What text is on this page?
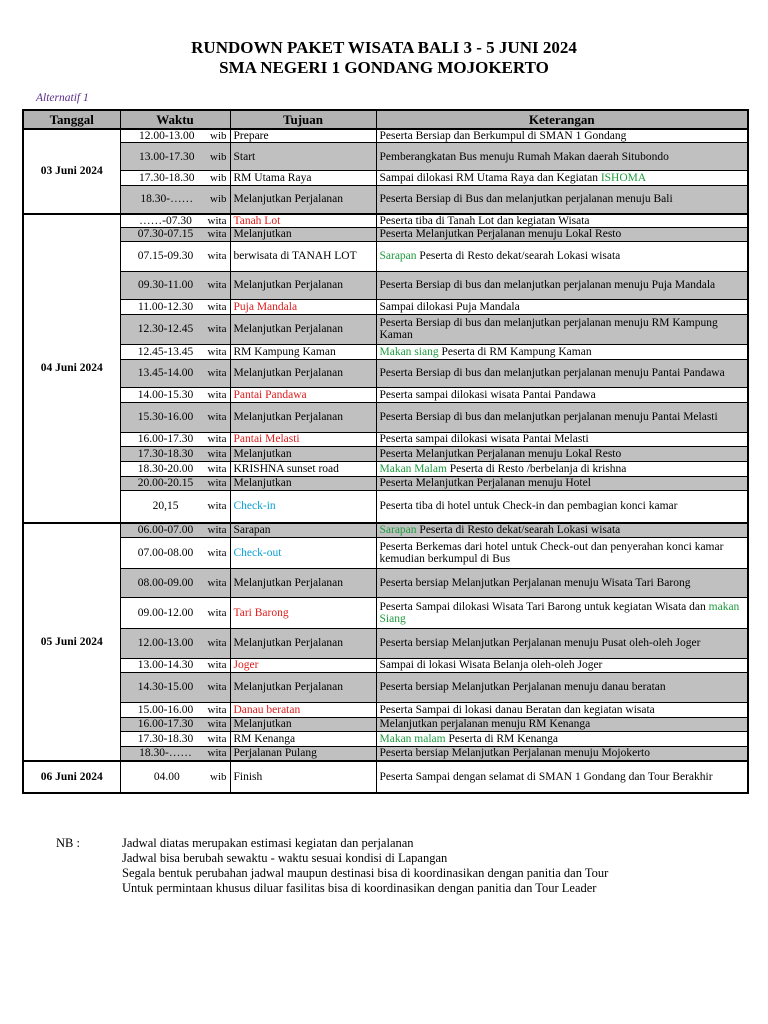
RUNDOWN PAKET WISATA BALI 3 - 5 JUNI 2024
SMA NEGERI 1 GONDANG MOJOKERTO
Alternatif 1
Tanggal	Waktu	Tujuan	Keterangan
03 Juni 2024	12.00-13.00 wib	Prepare	Peserta Bersiap dan Berkumpul di SMAN 1 Gondang

	13.00-17.30 wib	Start	Pemberangkatan Bus menuju Rumah Makan daerah Situbondo

	17.30-18.30 wib	RM Utama Raya	Sampai dilokasi RM Utama Raya dan Kegiatan ISHOMA

	18.30-…… wib	Melanjutkan Perjalanan	Peserta Bersiap di Bus dan melanjutkan perjalanan menuju Bali
04 Juni 2024	……-07.30 wita	Tanah Lot	Peserta tiba di Tanah Lot dan kegiatan Wisata

	07.30-07.15 wita	Melanjutkan	Peserta Melanjutkan Perjalanan menuju Lokal Resto

	07.15-09.30 wita	berwisata di TANAH LOT	Sarapan Peserta di Resto dekat/searah Lokasi wisata

	09.30-11.00 wita	Melanjutkan Perjalanan	Peserta Bersiap di bus dan melanjutkan perjalanan menuju Puja Mandala

	11.00-12.30 wita	Puja Mandala	Sampai dilokasi Puja Mandala

	12.30-12.45 wita	Melanjutkan Perjalanan	Peserta Bersiap di bus dan melanjutkan perjalanan menuju RM Kampung Kaman

	12.45-13.45 wita	RM Kampung Kaman	Makan siang Peserta di RM Kampung Kaman

	13.45-14.00 wita	Melanjutkan Perjalanan	Peserta Bersiap di bus dan melanjutkan perjalanan menuju Pantai Pandawa

	14.00-15.30 wita	Pantai Pandawa	Peserta sampai dilokasi wisata Pantai Pandawa

	15.30-16.00 wita	Melanjutkan Perjalanan	Peserta Bersiap di bus dan melanjutkan perjalanan menuju Pantai Melasti

	16.00-17.30 wita	Pantai Melasti	Peserta sampai dilokasi wisata Pantai Melasti

	17.30-18.30 wita	Melanjutkan	Peserta Melanjutkan Perjalanan menuju Lokal Resto

	18.30-20.00 wita	KRISHNA sunset road	Makan Malam Peserta di Resto /berbelanja di krishna

	20.00-20.15 wita	Melanjutkan	Peserta Melanjutkan Perjalanan menuju Hotel

	20,15 wita	Check-in	Peserta tiba di hotel untuk Check-in dan pembagian konci kamar
05 Juni 2024	06.00-07.00 wita	Sarapan	Sarapan Peserta di Resto dekat/searah Lokasi wisata

	07.00-08.00 wita	Check-out	Peserta Berkemas dari hotel untuk Check-out dan penyerahan konci kamar kemudian berkumpul di Bus

	08.00-09.00 wita	Melanjutkan Perjalanan	Peserta bersiap Melanjutkan Perjalanan menuju Wisata Tari Barong

	09.00-12.00 wita	Tari Barong	Peserta Sampai dilokasi Wisata Tari Barong untuk kegiatan Wisata dan makan Siang

	12.00-13.00 wita	Melanjutkan Perjalanan	Peserta bersiap Melanjutkan Perjalanan menuju Pusat oleh-oleh Joger

	13.00-14.30 wita	Joger	Sampai di lokasi Wisata Belanja oleh-oleh Joger

	14.30-15.00 wita	Melanjutkan Perjalanan	Peserta bersiap Melanjutkan Perjalanan menuju danau beratan

	15.00-16.00 wita	Danau beratan	Peserta Sampai di lokasi danau Beratan dan kegiatan wisata

	16.00-17.30 wita	Melanjutkan	Melanjutkan perjalanan menuju RM Kenanga

	17.30-18.30 wita	RM Kenanga	Makan malam Peserta di RM Kenanga

	18.30-…… wita	Perjalanan Pulang	Peserta bersiap Melanjutkan Perjalanan menuju Mojokerto
06 Juni 2024	04.00 wib	Finish	Peserta Sampai dengan selamat di SMAN 1 Gondang dan Tour Berakhir
NB :	Jadwal diatas merupakan estimasi kegiatan dan perjalanan
Jadwal bisa berubah sewaktu - waktu sesuai kondisi di Lapangan
Segala bentuk perubahan jadwal maupun destinasi bisa di koordinasikan dengan panitia dan Tour
Untuk permintaan khusus diluar fasilitas bisa di koordinasikan dengan panitia dan Tour Leader
